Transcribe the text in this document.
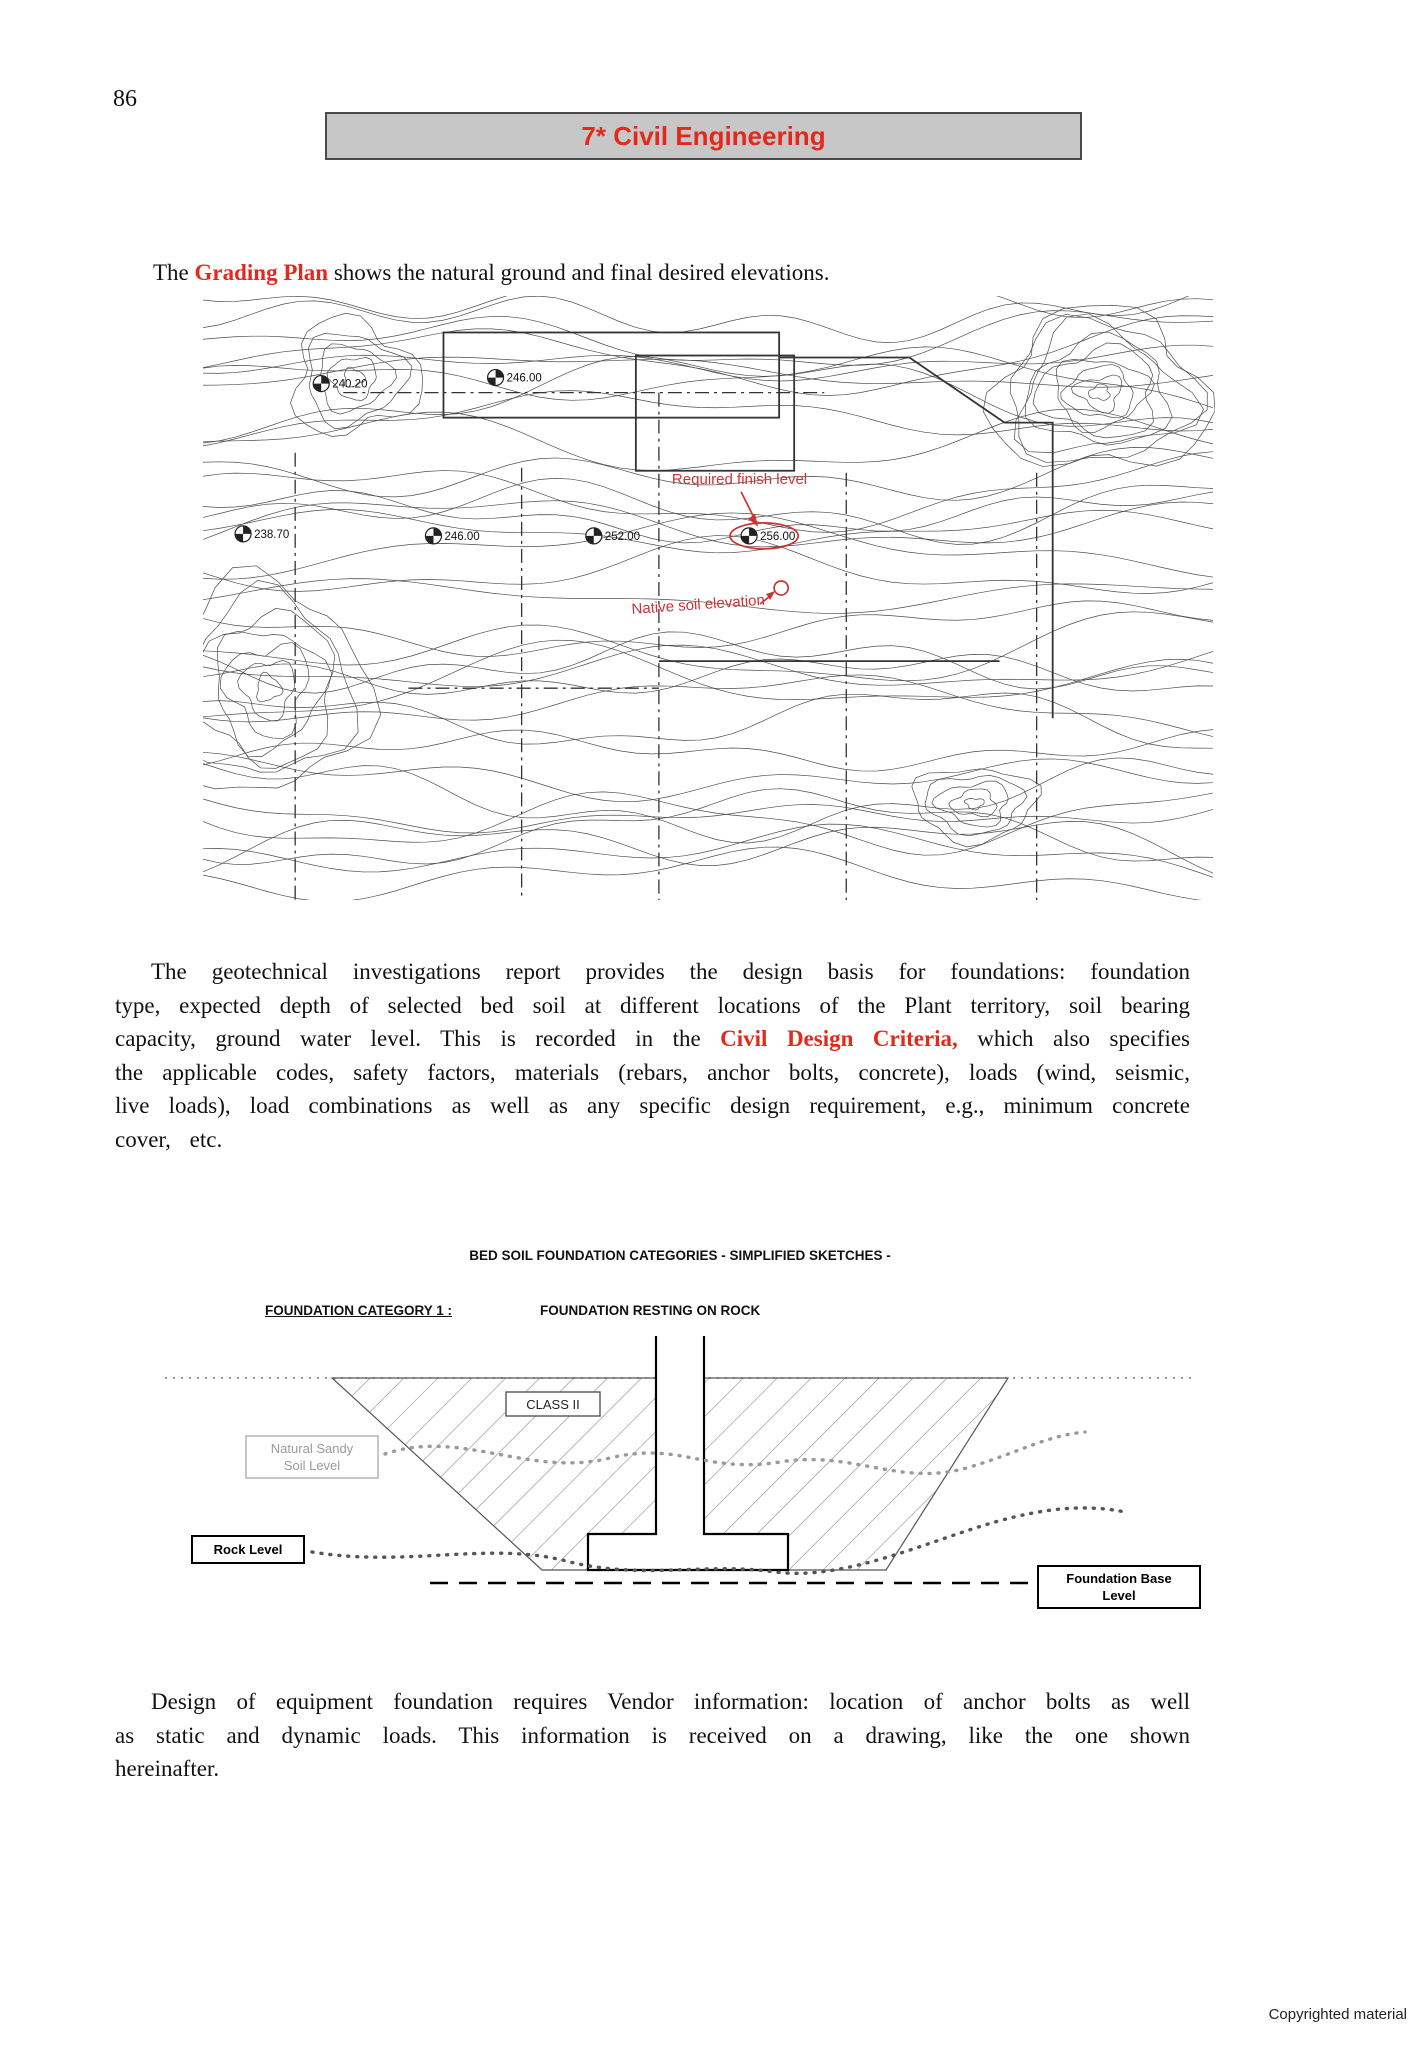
86
7* Civil Engineering

The Grading Plan shows the natural ground and final desired elevations.

240.20
246.00
238.70	246.00	252.00	256.00
Required finish level
Native soil elevation

The geotechnical investigations report provides the design basis for foundations: foundation type, expected depth of selected bed soil at different locations of the Plant territory, soil bearing capacity, ground water level. This is recorded in the Civil Design Criteria, which also specifies the applicable codes, safety factors, materials (rebars, anchor bolts, concrete), loads (wind, seismic, live loads), load combinations as well as any specific design requirement, e.g., minimum concrete cover, etc.

BED SOIL FOUNDATION CATEGORIES - SIMPLIFIED SKETCHES -
FOUNDATION CATEGORY 1 :	FOUNDATION RESTING ON ROCK
CLASS II
Natural Sandy
Soil Level
Rock Level
Foundation Base
Level

Design of equipment foundation requires Vendor information: location of anchor bolts as well as static and dynamic loads. This information is received on a drawing, like the one shown hereinafter.

Copyrighted material
